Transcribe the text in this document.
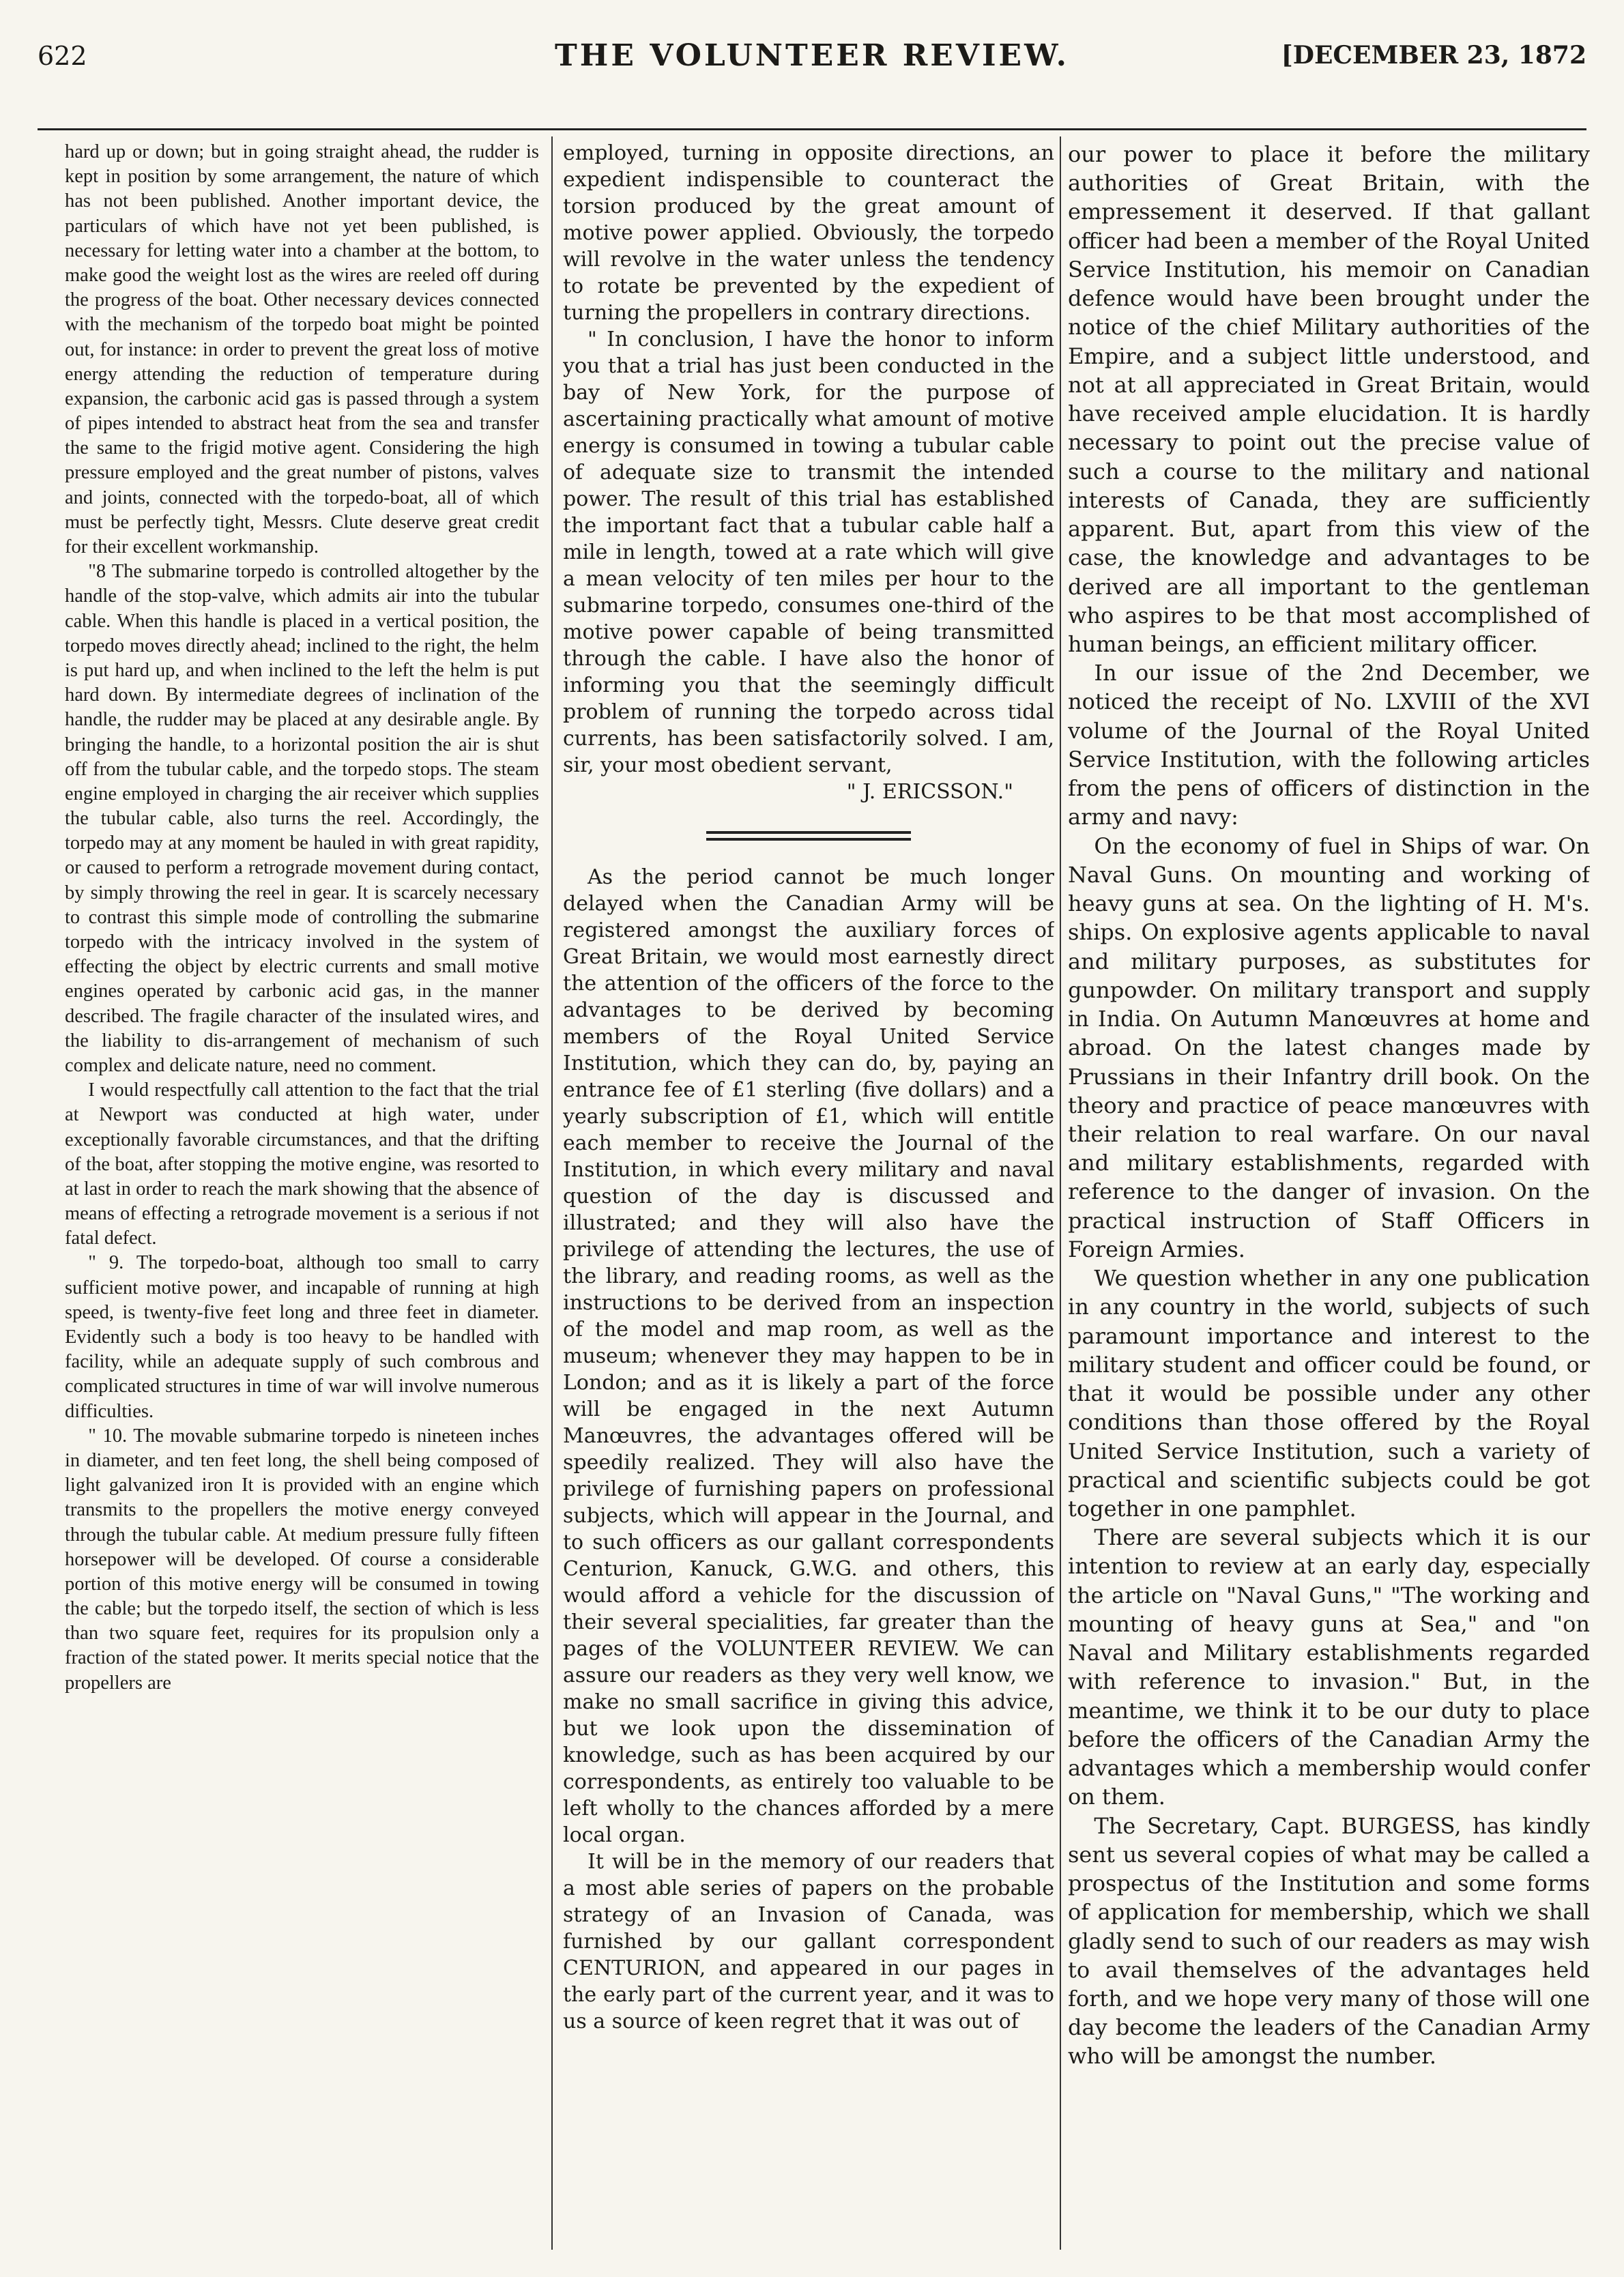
622	THE VOLUNTEER REVIEW.	[DECEMBER 23, 1872

hard up or down; but in going straight ahead, the rudder is kept in position by some arrangement, the nature of which has not been published. Another important device, the particulars of which have not yet been published, is necessary for letting water into a chamber at the bottom, to make good the weight lost as the wires are reeled off during the progress of the boat. Other necessary devices connected with the mechanism of the torpedo boat might be pointed out, for instance: in order to prevent the great loss of motive energy attending the reduction of temperature during expansion, the carbonic acid gas is passed through a system of pipes intended to abstract heat from the sea and transfer the same to the frigid motive agent. Considering the high pressure employed and the great number of pistons, valves and joints, connected with the torpedo-boat, all of which must be perfectly tight, Messrs. Clute deserve great credit for their excellent workmanship.

"8 The submarine torpedo is controlled altogether by the handle of the stop-valve, which admits air into the tubular cable. When this handle is placed in a vertical position, the torpedo moves directly ahead; inclined to the right, the helm is put hard up, and when inclined to the left the helm is put hard down. By intermediate degrees of inclination of the handle, the rudder may be placed at any desirable angle. By bringing the handle, to a horizontal position the air is shut off from the tubular cable, and the torpedo stops. The steam engine employed in charging the air receiver which supplies the tubular cable, also turns the reel. Accordingly, the torpedo may at any moment be hauled in with great rapidity, or caused to perform a retrograde movement during contact, by simply throwing the reel in gear. It is scarcely necessary to contrast this simple mode of controlling the submarine torpedo with the intricacy involved in the system of effecting the object by electric currents and small motive engines operated by carbonic acid gas, in the manner described. The fragile character of the insulated wires, and the liability to dis-arrangement of mechanism of such complex and delicate nature, need no comment.

I would respectfully call attention to the fact that the trial at Newport was conducted at high water, under exceptionally favorable circumstances, and that the drifting of the boat, after stopping the motive engine, was resorted to at last in order to reach the mark showing that the absence of means of effecting a retrograde movement is a serious if not fatal defect.

" 9. The torpedo-boat, although too small to carry sufficient motive power, and incapable of running at high speed, is twenty-five feet long and three feet in diameter. Evidently such a body is too heavy to be handled with facility, while an adequate supply of such combrous and complicated structures in time of war will involve numerous difficulties.

" 10. The movable submarine torpedo is nineteen inches in diameter, and ten feet long, the shell being composed of light galvanized iron It is provided with an engine which transmits to the propellers the motive energy conveyed through the tubular cable. At medium pressure fully fifteen horsepower will be developed. Of course a considerable portion of this motive energy will be consumed in towing the cable; but the torpedo itself, the section of which is less than two square feet, requires for its propulsion only a fraction of the stated power. It merits special notice that the propellers are

employed, turning in opposite directions, an expedient indispensible to counteract the torsion produced by the great amount of motive power applied. Obviously, the torpedo will revolve in the water unless the tendency to rotate be prevented by the expedient of turning the propellers in contrary directions.

" In conclusion, I have the honor to inform you that a trial has just been conducted in the bay of New York, for the purpose of ascertaining practically what amount of motive energy is consumed in towing a tubular cable of adequate size to transmit the intended power. The result of this trial has established the important fact that a tubular cable half a mile in length, towed at a rate which will give a mean velocity of ten miles per hour to the submarine torpedo, consumes one-third of the motive power capable of being transmitted through the cable. I have also the honor of informing you that the seemingly difficult problem of running the torpedo across tidal currents, has been satisfactorily solved. I am, sir, your most obedient servant,

" J. ERICSSON."

As the period cannot be much longer delayed when the Canadian Army will be registered amongst the auxiliary forces of Great Britain, we would most earnestly direct the attention of the officers of the force to the advantages to be derived by becoming members of the Royal United Service Institution, which they can do, by, paying an entrance fee of £1 sterling (five dollars) and a yearly subscription of £1, which will entitle each member to receive the Journal of the Institution, in which every military and naval question of the day is discussed and illustrated; and they will also have the privilege of attending the lectures, the use of the library, and reading rooms, as well as the instructions to be derived from an inspection of the model and map room, as well as the museum; whenever they may happen to be in London; and as it is likely a part of the force will be engaged in the next Autumn Manœuvres, the advantages offered will be speedily realized. They will also have the privilege of furnishing papers on professional subjects, which will appear in the Journal, and to such officers as our gallant correspondents Centurion, Kanuck, G.W.G. and others, this would afford a vehicle for the discussion of their several specialities, far greater than the pages of the VOLUNTEER REVIEW. We can assure our readers as they very well know, we make no small sacrifice in giving this advice, but we look upon the dissemination of knowledge, such as has been acquired by our correspondents, as entirely too valuable to be left wholly to the chances afforded by a mere local organ.

It will be in the memory of our readers that a most able series of papers on the probable strategy of an Invasion of Canada, was furnished by our gallant correspondent CENTURION, and appeared in our pages in the early part of the current year, and it was to us a source of keen regret that it was out of

our power to place it before the military authorities of Great Britain, with the empressement it deserved. If that gallant officer had been a member of the Royal United Service Institution, his memoir on Canadian defence would have been brought under the notice of the chief Military authorities of the Empire, and a subject little understood, and not at all appreciated in Great Britain, would have received ample elucidation. It is hardly necessary to point out the precise value of such a course to the military and national interests of Canada, they are sufficiently apparent. But, apart from this view of the case, the knowledge and advantages to be derived are all important to the gentleman who aspires to be that most accomplished of human beings, an efficient military officer.

In our issue of the 2nd December, we noticed the receipt of No. LXVIII of the XVI volume of the Journal of the Royal United Service Institution, with the following articles from the pens of officers of distinction in the army and navy:

On the economy of fuel in Ships of war. On Naval Guns. On mounting and working of heavy guns at sea. On the lighting of H. M's. ships. On explosive agents applicable to naval and military purposes, as substitutes for gunpowder. On military transport and supply in India. On Autumn Manœuvres at home and abroad. On the latest changes made by Prussians in their Infantry drill book. On the theory and practice of peace manœuvres with their relation to real warfare. On our naval and military establishments, regarded with reference to the danger of invasion. On the practical instruction of Staff Officers in Foreign Armies.

We question whether in any one publication in any country in the world, subjects of such paramount importance and interest to the military student and officer could be found, or that it would be possible under any other conditions than those offered by the Royal United Service Institution, such a variety of practical and scientific subjects could be got together in one pamphlet.

There are several subjects which it is our intention to review at an early day, especially the article on "Naval Guns," "The working and mounting of heavy guns at Sea," and "on Naval and Military establishments regarded with reference to invasion." But, in the meantime, we think it to be our duty to place before the officers of the Canadian Army the advantages which a membership would confer on them.

The Secretary, Capt. BURGESS, has kindly sent us several copies of what may be called a prospectus of the Institution and some forms of application for membership, which we shall gladly send to such of our readers as may wish to avail themselves of the advantages held forth, and we hope very many of those will one day become the leaders of the Canadian Army who will be amongst the number.
